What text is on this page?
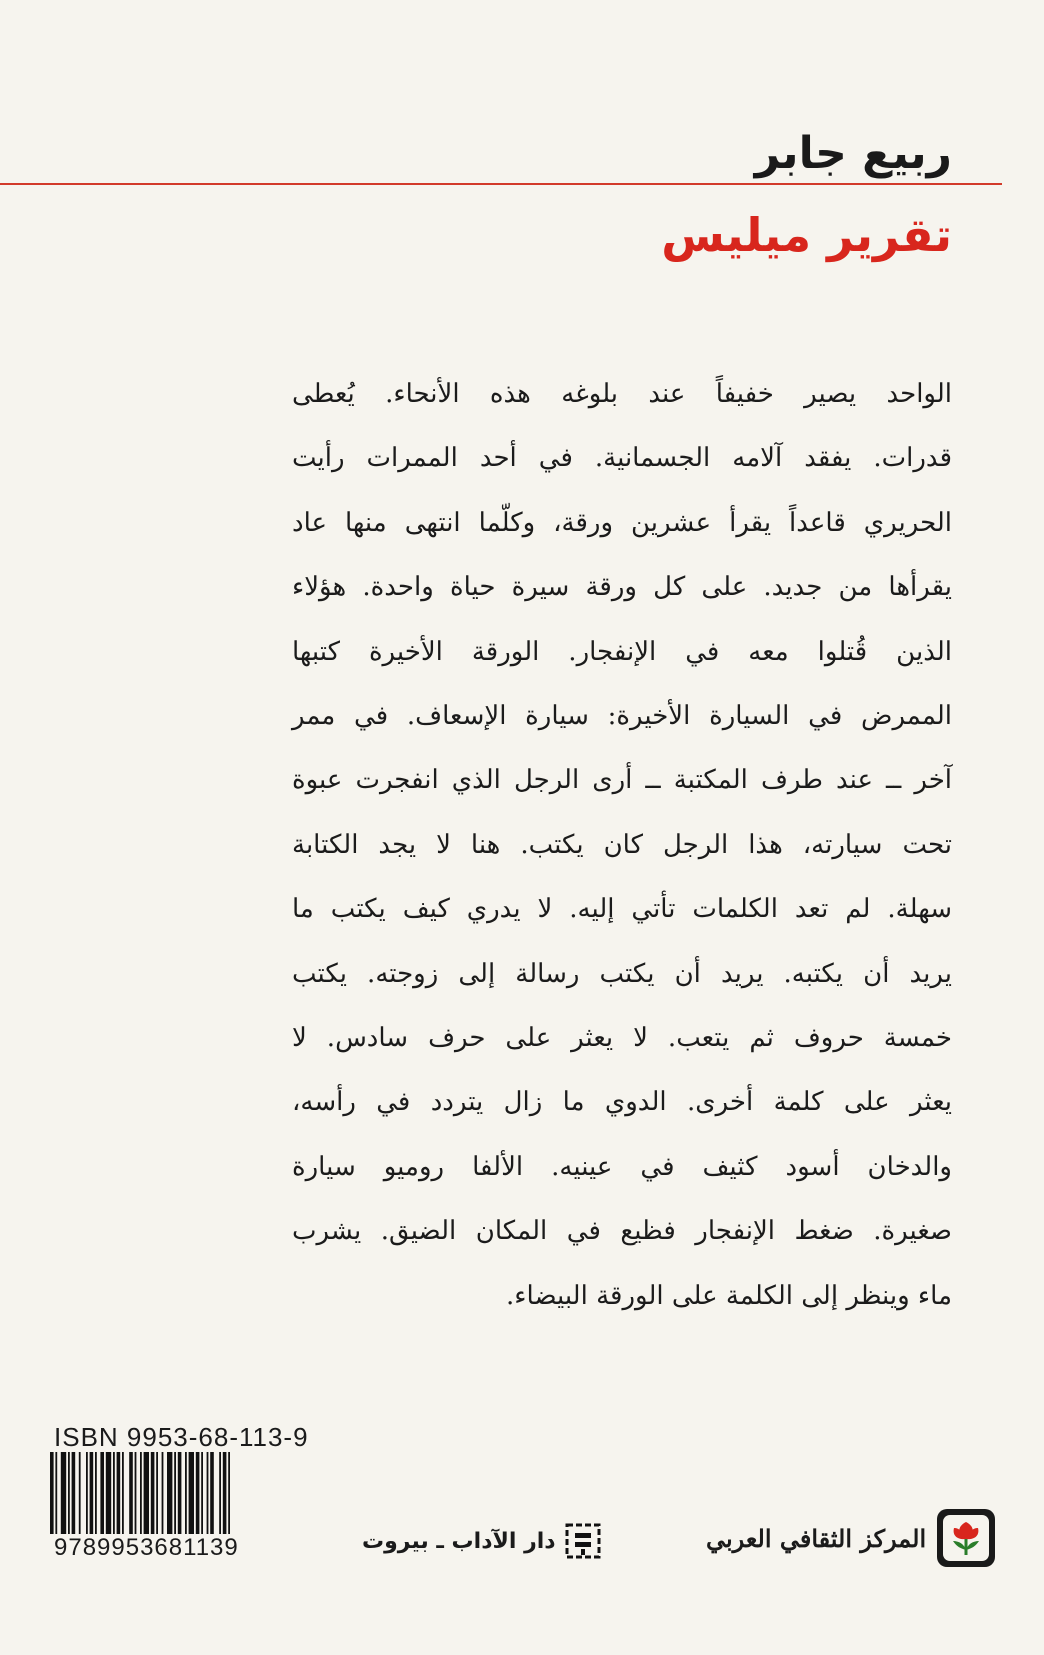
ربيع جابر
تقرير ميليس
الواحد يصير خفيفاً عند بلوغه هذه الأنحاء. يُعطى
قدرات. يفقد آلامه الجسمانية. في أحد الممرات رأيت
الحريري قاعداً يقرأ عشرين ورقة، وكلّما انتهى منها عاد
يقرأها من جديد. على كل ورقة سيرة حياة واحدة. هؤلاء
الذين قُتلوا معه في الإنفجار. الورقة الأخيرة كتبها
الممرض في السيارة الأخيرة: سيارة الإسعاف. في ممر
آخر ــ عند طرف المكتبة ــ أرى الرجل الذي انفجرت عبوة
تحت سيارته، هذا الرجل كان يكتب. هنا لا يجد الكتابة
سهلة. لم تعد الكلمات تأتي إليه. لا يدري كيف يكتب ما
يريد أن يكتبه. يريد أن يكتب رسالة إلى زوجته. يكتب
خمسة حروف ثم يتعب. لا يعثر على حرف سادس. لا
يعثر على كلمة أخرى. الدوي ما زال يتردد في رأسه،
والدخان أسود كثيف في عينيه. الألفا روميو سيارة
صغيرة. ضغط الإنفجار فظيع في المكان الضيق. يشرب
ماء وينظر إلى الكلمة على الورقة البيضاء.
ISBN 9953-68-113-9
9789953681139	دار الآداب ـ بيروت	المركز الثقافي العربي
